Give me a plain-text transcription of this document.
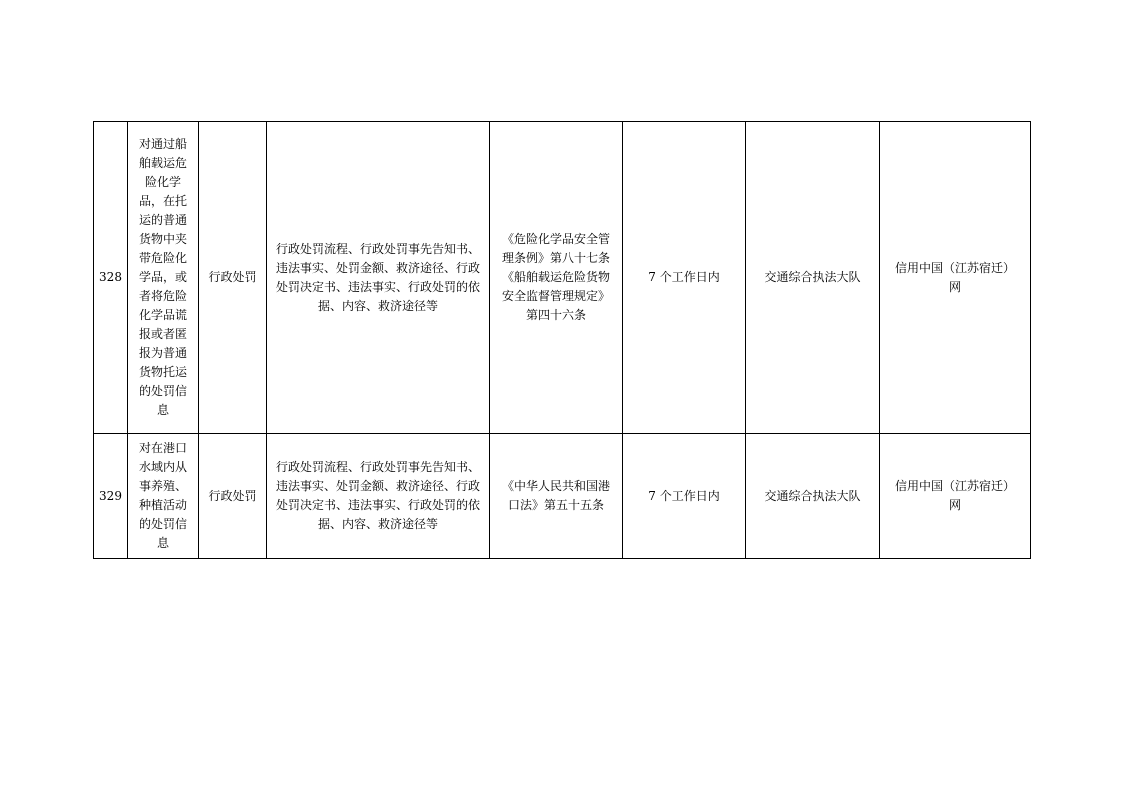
328	对通过船舶载运危险化学品，在托运的普通货物中夹带危险化学品，或者将危险化学品谎报或者匿报为普通货物托运的处罚信息	行政处罚	行政处罚流程、行政处罚事先告知书、违法事实、处罚金额、救济途径、行政处罚决定书、违法事实、行政处罚的依据、内容、救济途径等	《危险化学品安全管理条例》第八十七条
《船舶载运危险货物安全监督管理规定》第四十六条	7 个工作日内	交通综合执法大队	信用中国（江苏宿迁）网

329	对在港口水域内从事养殖、种植活动的处罚信息	行政处罚	行政处罚流程、行政处罚事先告知书、违法事实、处罚金额、救济途径、行政处罚决定书、违法事实、行政处罚的依据、内容、救济途径等	《中华人民共和国港口法》第五十五条	7 个工作日内	交通综合执法大队	信用中国（江苏宿迁）网
